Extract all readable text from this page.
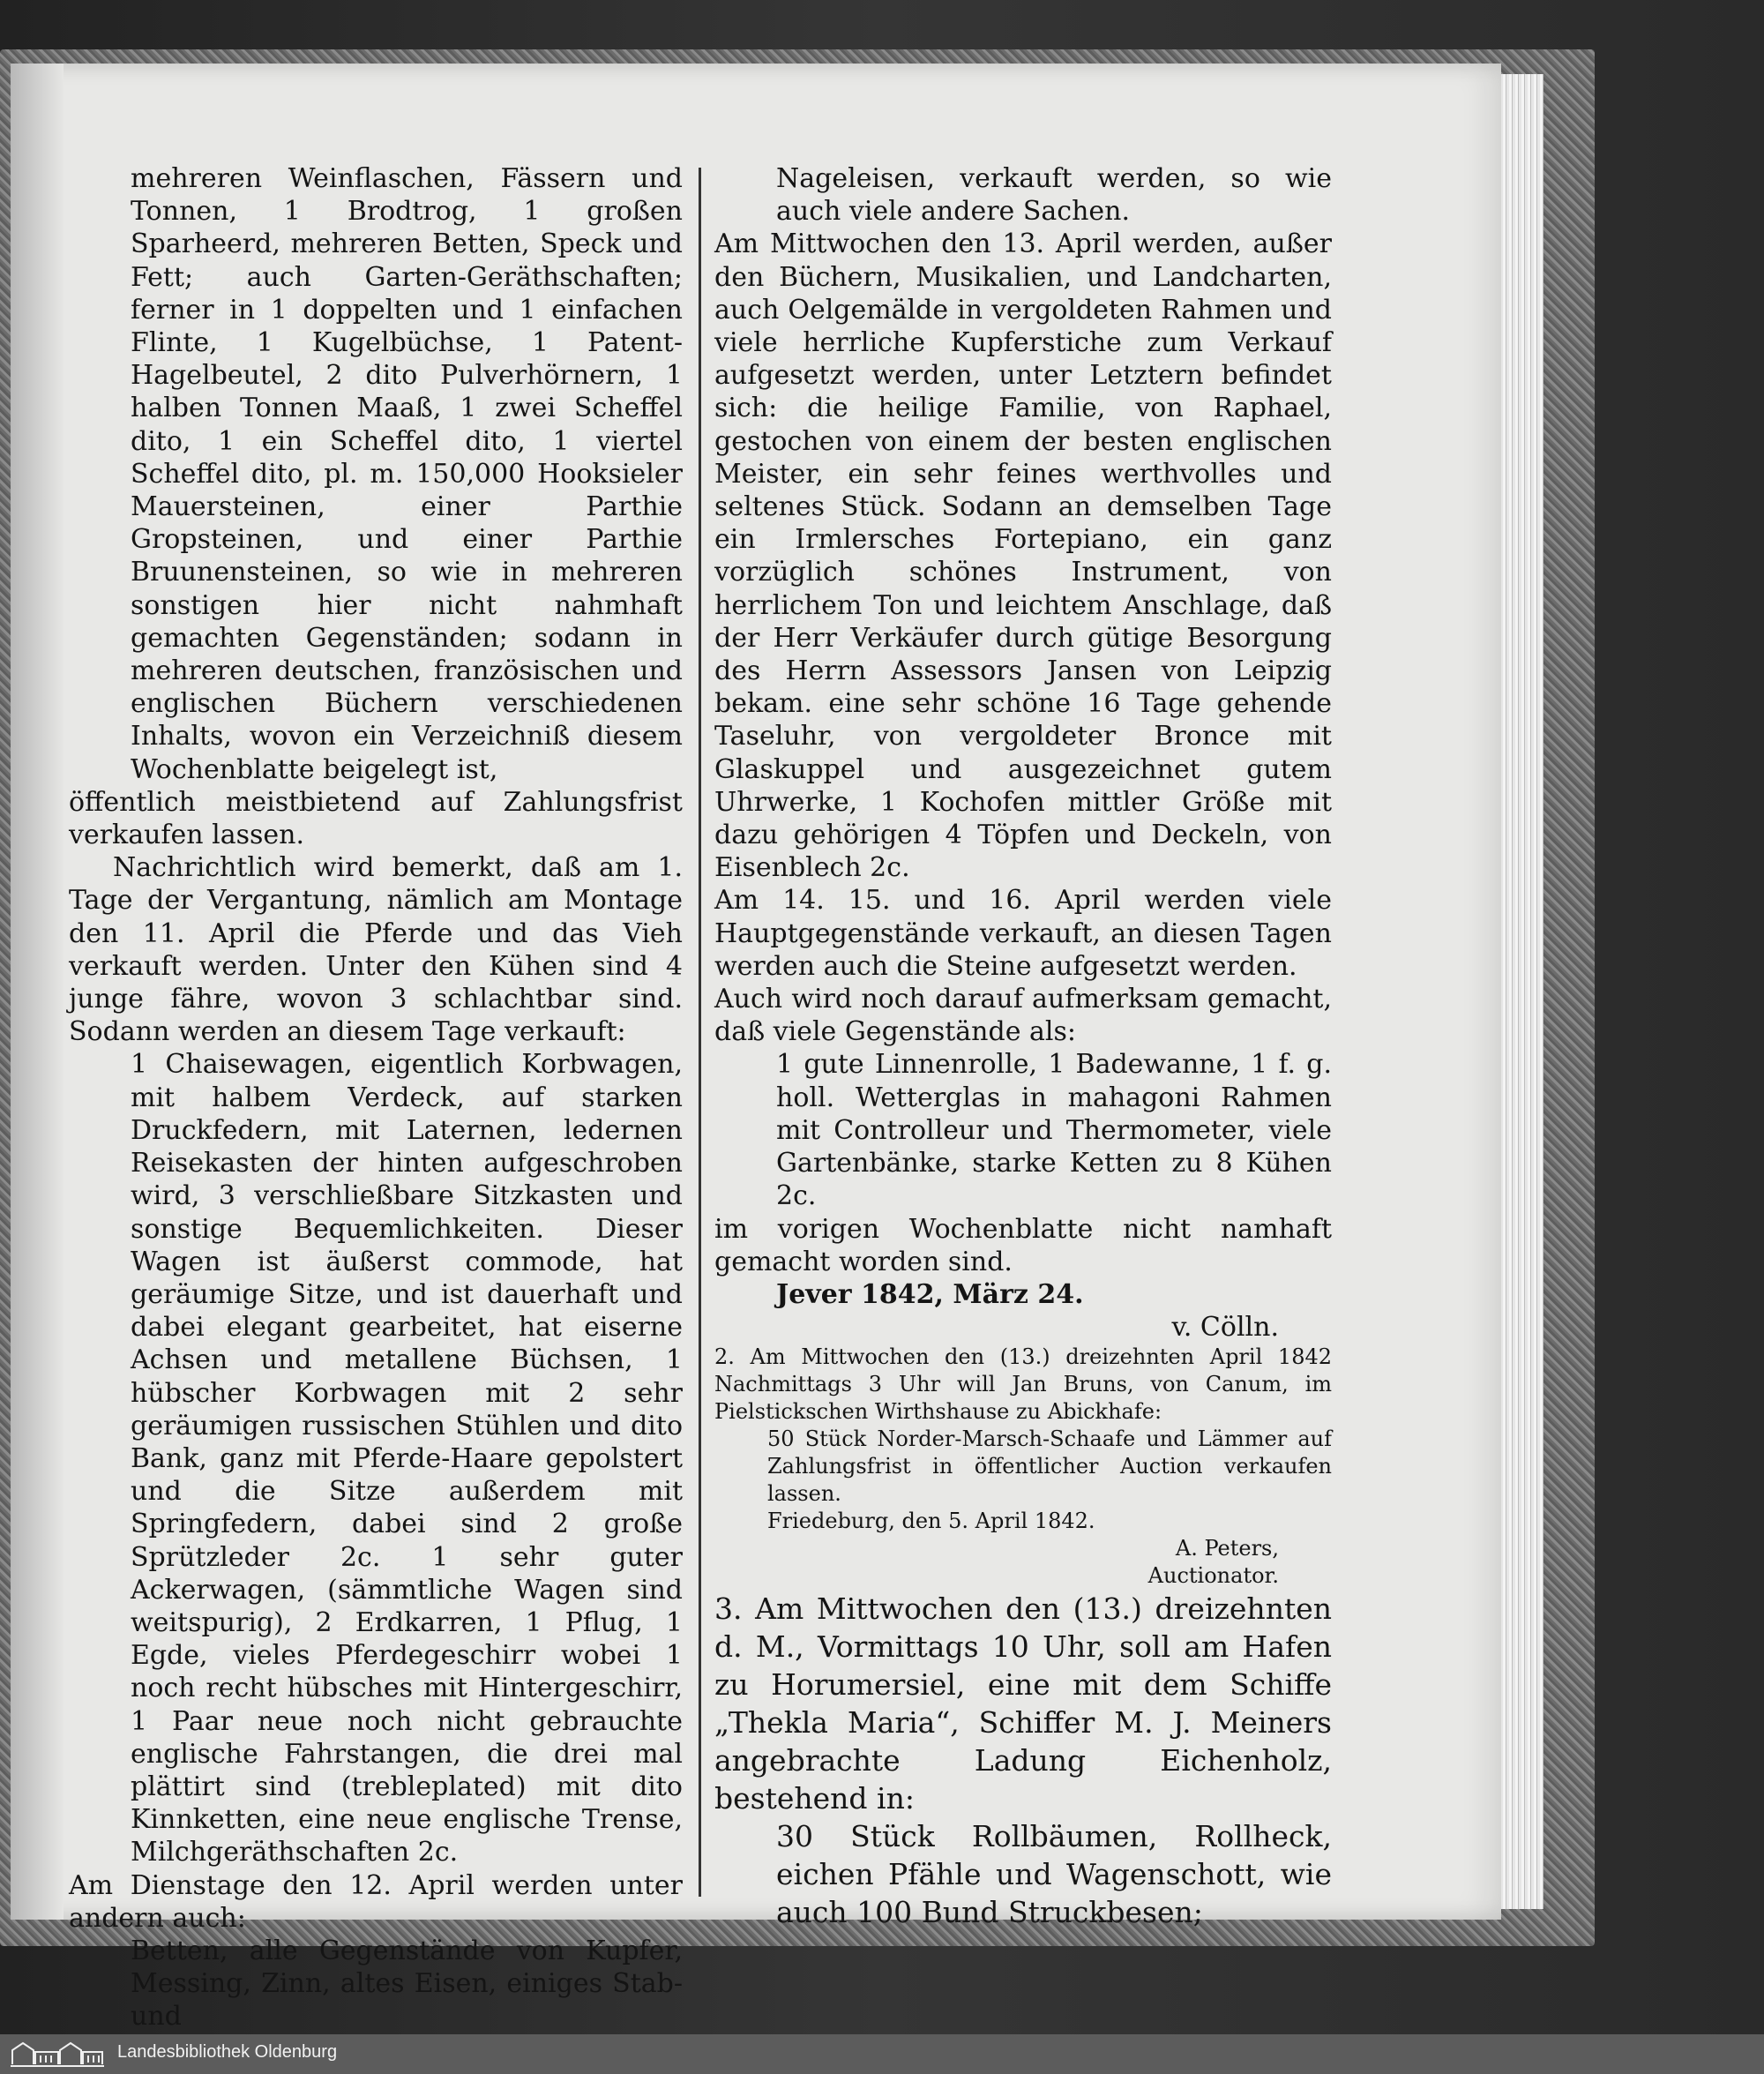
mehreren Weinflaschen, Fässern und Tonnen, 1 Brodtrog, 1 großen Sparheerd, mehreren Betten, Speck und Fett; auch Garten-Geräthschaften; ferner in 1 doppelten und 1 einfachen Flinte, 1 Kugelbüchse, 1 Patent-Hagelbeutel, 2 dito Pulverhörnern, 1 halben Tonnen Maaß, 1 zwei Scheffel dito, 1 ein Scheffel dito, 1 viertel Scheffel dito, pl. m. 150,000 Hooksieler Mauersteinen, einer Parthie Gropsteinen, und einer Parthie Bruunensteinen, so wie in mehreren sonstigen hier nicht nahmhaft gemachten Gegenständen; sodann in mehreren deutschen, französischen und englischen Büchern verschiedenen Inhalts, wovon ein Verzeichniß diesem Wochenblatte beigelegt ist,

öffentlich meistbietend auf Zahlungsfrist verkaufen lassen.

Nachrichtlich wird bemerkt, daß am 1. Tage der Vergantung, nämlich am Montage den 11. April die Pferde und das Vieh verkauft werden. Unter den Kühen sind 4 junge fähre, wovon 3 schlachtbar sind. Sodann werden an diesem Tage verkauft:

1 Chaisewagen, eigentlich Korbwagen, mit halbem Verdeck, auf starken Druckfedern, mit Laternen, ledernen Reisekasten der hinten aufgeschroben wird, 3 verschließbare Sitzkasten und sonstige Bequemlichkeiten. Dieser Wagen ist äußerst commode, hat geräumige Sitze, und ist dauerhaft und dabei elegant gearbeitet, hat eiserne Achsen und metallene Büchsen, 1 hübscher Korbwagen mit 2 sehr geräumigen russischen Stühlen und dito Bank, ganz mit Pferde-Haare gepolstert und die Sitze außerdem mit Springfedern, dabei sind 2 große Sprützleder 2c. 1 sehr guter Ackerwagen, (sämmtliche Wagen sind weitspurig), 2 Erdkarren, 1 Pflug, 1 Egde, vieles Pferdegeschirr wobei 1 noch recht hübsches mit Hintergeschirr, 1 Paar neue noch nicht gebrauchte englische Fahrstangen, die drei mal plättirt sind (trebleplated) mit dito Kinnketten, eine neue englische Trense, Milchgeräthschaften 2c.

Am Dienstage den 12. April werden unter andern auch:

Betten, alle Gegenstände von Kupfer, Messing, Zinn, altes Eisen, einiges Stab- und

Nageleisen, verkauft werden, so wie auch viele andere Sachen.

Am Mittwochen den 13. April werden, außer den Büchern, Musikalien, und Landcharten, auch Oelgemälde in vergoldeten Rahmen und viele herrliche Kupferstiche zum Verkauf aufgesetzt werden, unter Letztern befindet sich: die heilige Familie, von Raphael, gestochen von einem der besten englischen Meister, ein sehr feines werthvolles und seltenes Stück. Sodann an demselben Tage ein Irmlersches Fortepiano, ein ganz vorzüglich schönes Instrument, von herrlichem Ton und leichtem Anschlage, daß der Herr Verkäufer durch gütige Besorgung des Herrn Assessors Jansen von Leipzig bekam. eine sehr schöne 16 Tage gehende Taseluhr, von vergoldeter Bronce mit Glaskuppel und ausgezeichnet gutem Uhrwerke, 1 Kochofen mittler Größe mit dazu gehörigen 4 Töpfen und Deckeln, von Eisenblech 2c.

Am 14. 15. und 16. April werden viele Hauptgegenstände verkauft, an diesen Tagen werden auch die Steine aufgesetzt werden.

Auch wird noch darauf aufmerksam gemacht, daß viele Gegenstände als:

1 gute Linnenrolle, 1 Badewanne, 1 f. g. holl. Wetterglas in mahagoni Rahmen mit Controlleur und Thermometer, viele Gartenbänke, starke Ketten zu 8 Kühen 2c.

im vorigen Wochenblatte nicht namhaft gemacht worden sind.

Jever 1842, März 24.

v. Cölln.

2. Am Mittwochen den (13.) dreizehnten April 1842 Nachmittags 3 Uhr will Jan Bruns, von Canum, im Pielstickschen Wirthshause zu Abickhafe:

50 Stück Norder-Marsch-Schaafe und Lämmer auf Zahlungsfrist in öffentlicher Auction verkaufen lassen.

Friedeburg, den 5. April 1842.

A. Peters,

Auctionator.

3. Am Mittwochen den (13.) dreizehnten d. M., Vormittags 10 Uhr, soll am Hafen zu Horumersiel, eine mit dem Schiffe „Thekla Maria“, Schiffer M. J. Meiners angebrachte Ladung Eichenholz, bestehend in:

30 Stück Rollbäumen, Rollheck, eichen Pfähle und Wagenschott, wie auch 100 Bund Struckbesen;

Landesbibliothek Oldenburg
